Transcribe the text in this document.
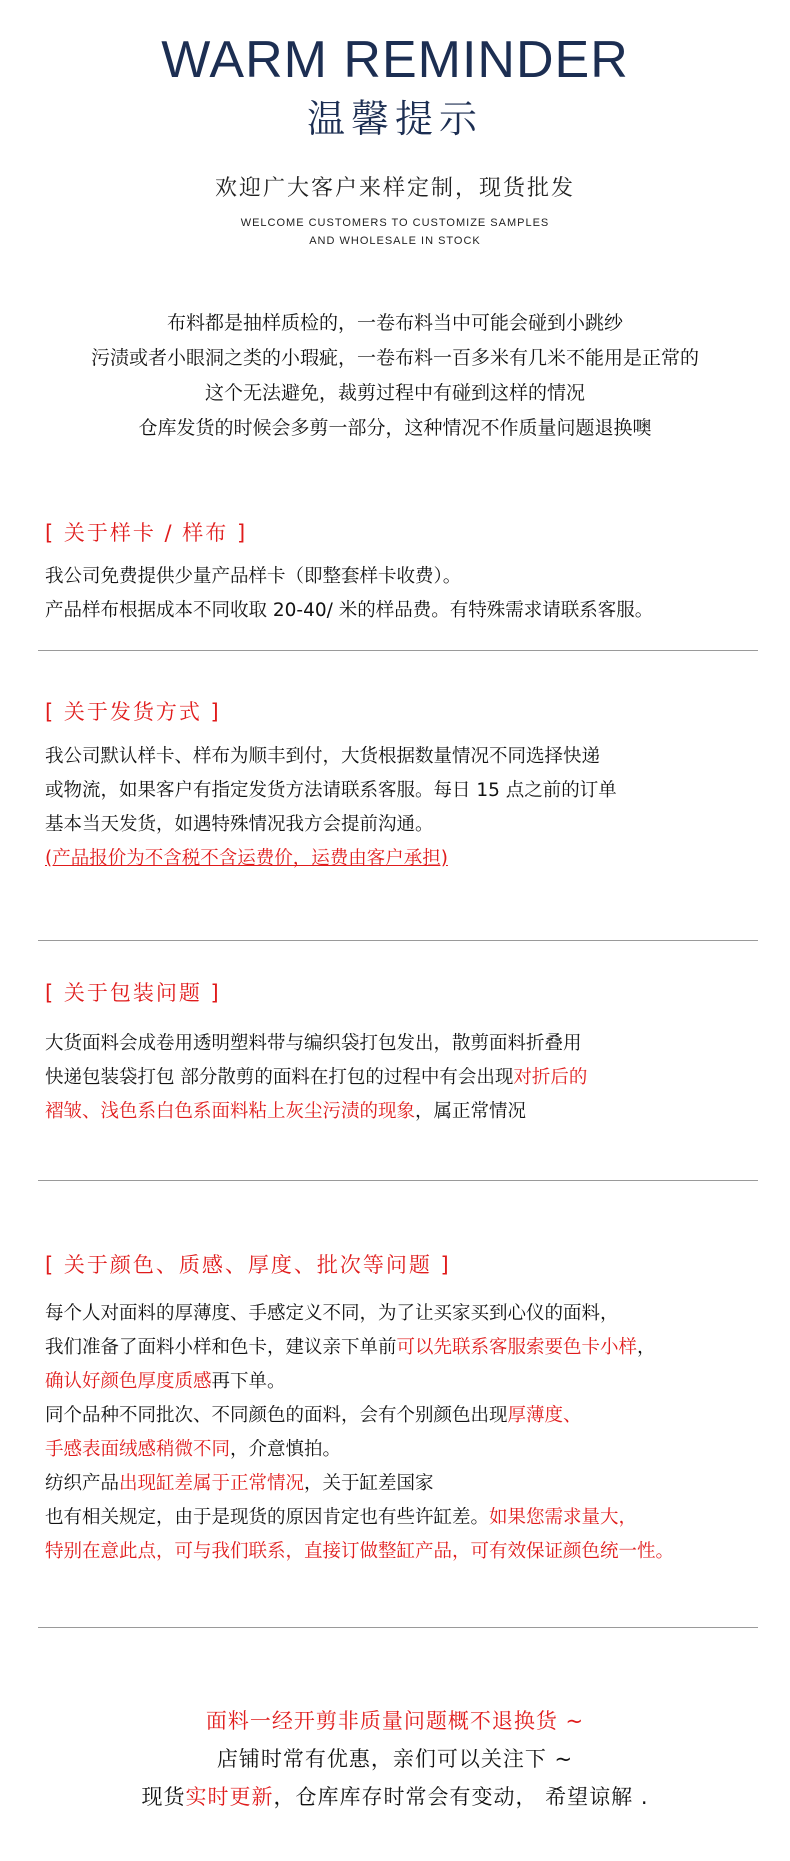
WARM REMINDER
温馨提示
欢迎广大客户来样定制，现货批发
WELCOME CUSTOMERS TO CUSTOMIZE SAMPLES
AND WHOLESALE IN STOCK
布料都是抽样质检的，一卷布料当中可能会碰到小跳纱
污渍或者小眼洞之类的小瑕疵，一卷布料一百多米有几米不能用是正常的
这个无法避免，裁剪过程中有碰到这样的情况
仓库发货的时候会多剪一部分，这种情况不作质量问题退换噢
[ 关于样卡 / 样布 ]
我公司免费提供少量产品样卡（即整套样卡收费）。
产品样布根据成本不同收取 20-40/ 米的样品费。有特殊需求请联系客服。
[ 关于发货方式 ]
我公司默认样卡、样布为顺丰到付，大货根据数量情况不同选择快递
或物流，如果客户有指定发货方法请联系客服。每日 15 点之前的订单
基本当天发货，如遇特殊情况我方会提前沟通。
(产品报价为不含税不含运费价，运费由客户承担)
[ 关于包装问题 ]
大货面料会成卷用透明塑料带与编织袋打包发出，散剪面料折叠用
快递包装袋打包 部分散剪的面料在打包的过程中有会出现对折后的
褶皱、浅色系白色系面料粘上灰尘污渍的现象，属正常情况
[ 关于颜色、质感、厚度、批次等问题 ]
每个人对面料的厚薄度、手感定义不同，为了让买家买到心仪的面料，
我们准备了面料小样和色卡，建议亲下单前可以先联系客服索要色卡小样，
确认好颜色厚度质感再下单。
同个品种不同批次、不同颜色的面料，会有个别颜色出现厚薄度、
手感表面绒感稍微不同，介意慎拍。
纺织产品出现缸差属于正常情况，关于缸差国家
也有相关规定，由于是现货的原因肯定也有些许缸差。如果您需求量大，
特别在意此点，可与我们联系，直接订做整缸产品，可有效保证颜色统一性。
面料一经开剪非质量问题概不退换货 ~
店铺时常有优惠，亲们可以关注下 ~
现货实时更新，仓库库存时常会有变动， 希望谅解 .
